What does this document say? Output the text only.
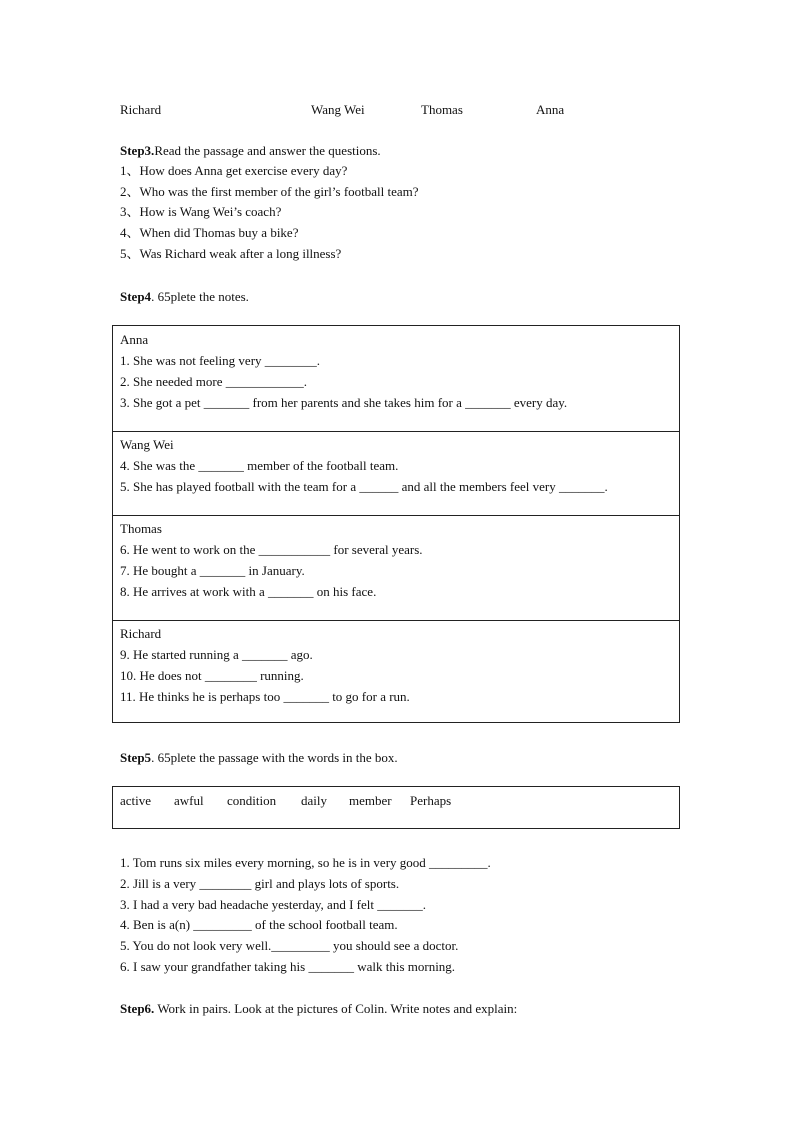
Richard	Wang Wei	Thomas	Anna
Step3.Read the passage and answer the questions.
1、How does Anna get exercise every day?
2、Who was the first member of the girl’s football team?
3、How is Wang Wei’s coach?
4、When did Thomas buy a bike?
5、Was Richard weak after a long illness?
Step4. 65plete the notes.
Anna
1. She was not feeling very ________.
2. She needed more ____________.
3. She got a pet _______ from her parents and she takes him for a _______ every day.
Wang Wei
4. She was the _______ member of the football team.
5. She has played football with the team for a ______ and all the members feel very _______.
Thomas
6. He went to work on the ___________ for several years.
7. He bought a _______ in January.
8. He arrives at work with a _______ on his face.
Richard
9. He started running a _______ ago.
10. He does not ________ running.
11. He thinks he is perhaps too _______ to go for a run.
Step5. 65plete the passage with the words in the box.
active awful condition daily member Perhaps
1. Tom runs six miles every morning, so he is in very good _________.
2. Jill is a very ________ girl and plays lots of sports.
3. I had a very bad headache yesterday, and I felt _______.
4. Ben is a(n) _________ of the school football team.
5. You do not look very well._________ you should see a doctor.
6. I saw your grandfather taking his _______ walk this morning.
Step6. Work in pairs. Look at the pictures of Colin. Write notes and explain:
